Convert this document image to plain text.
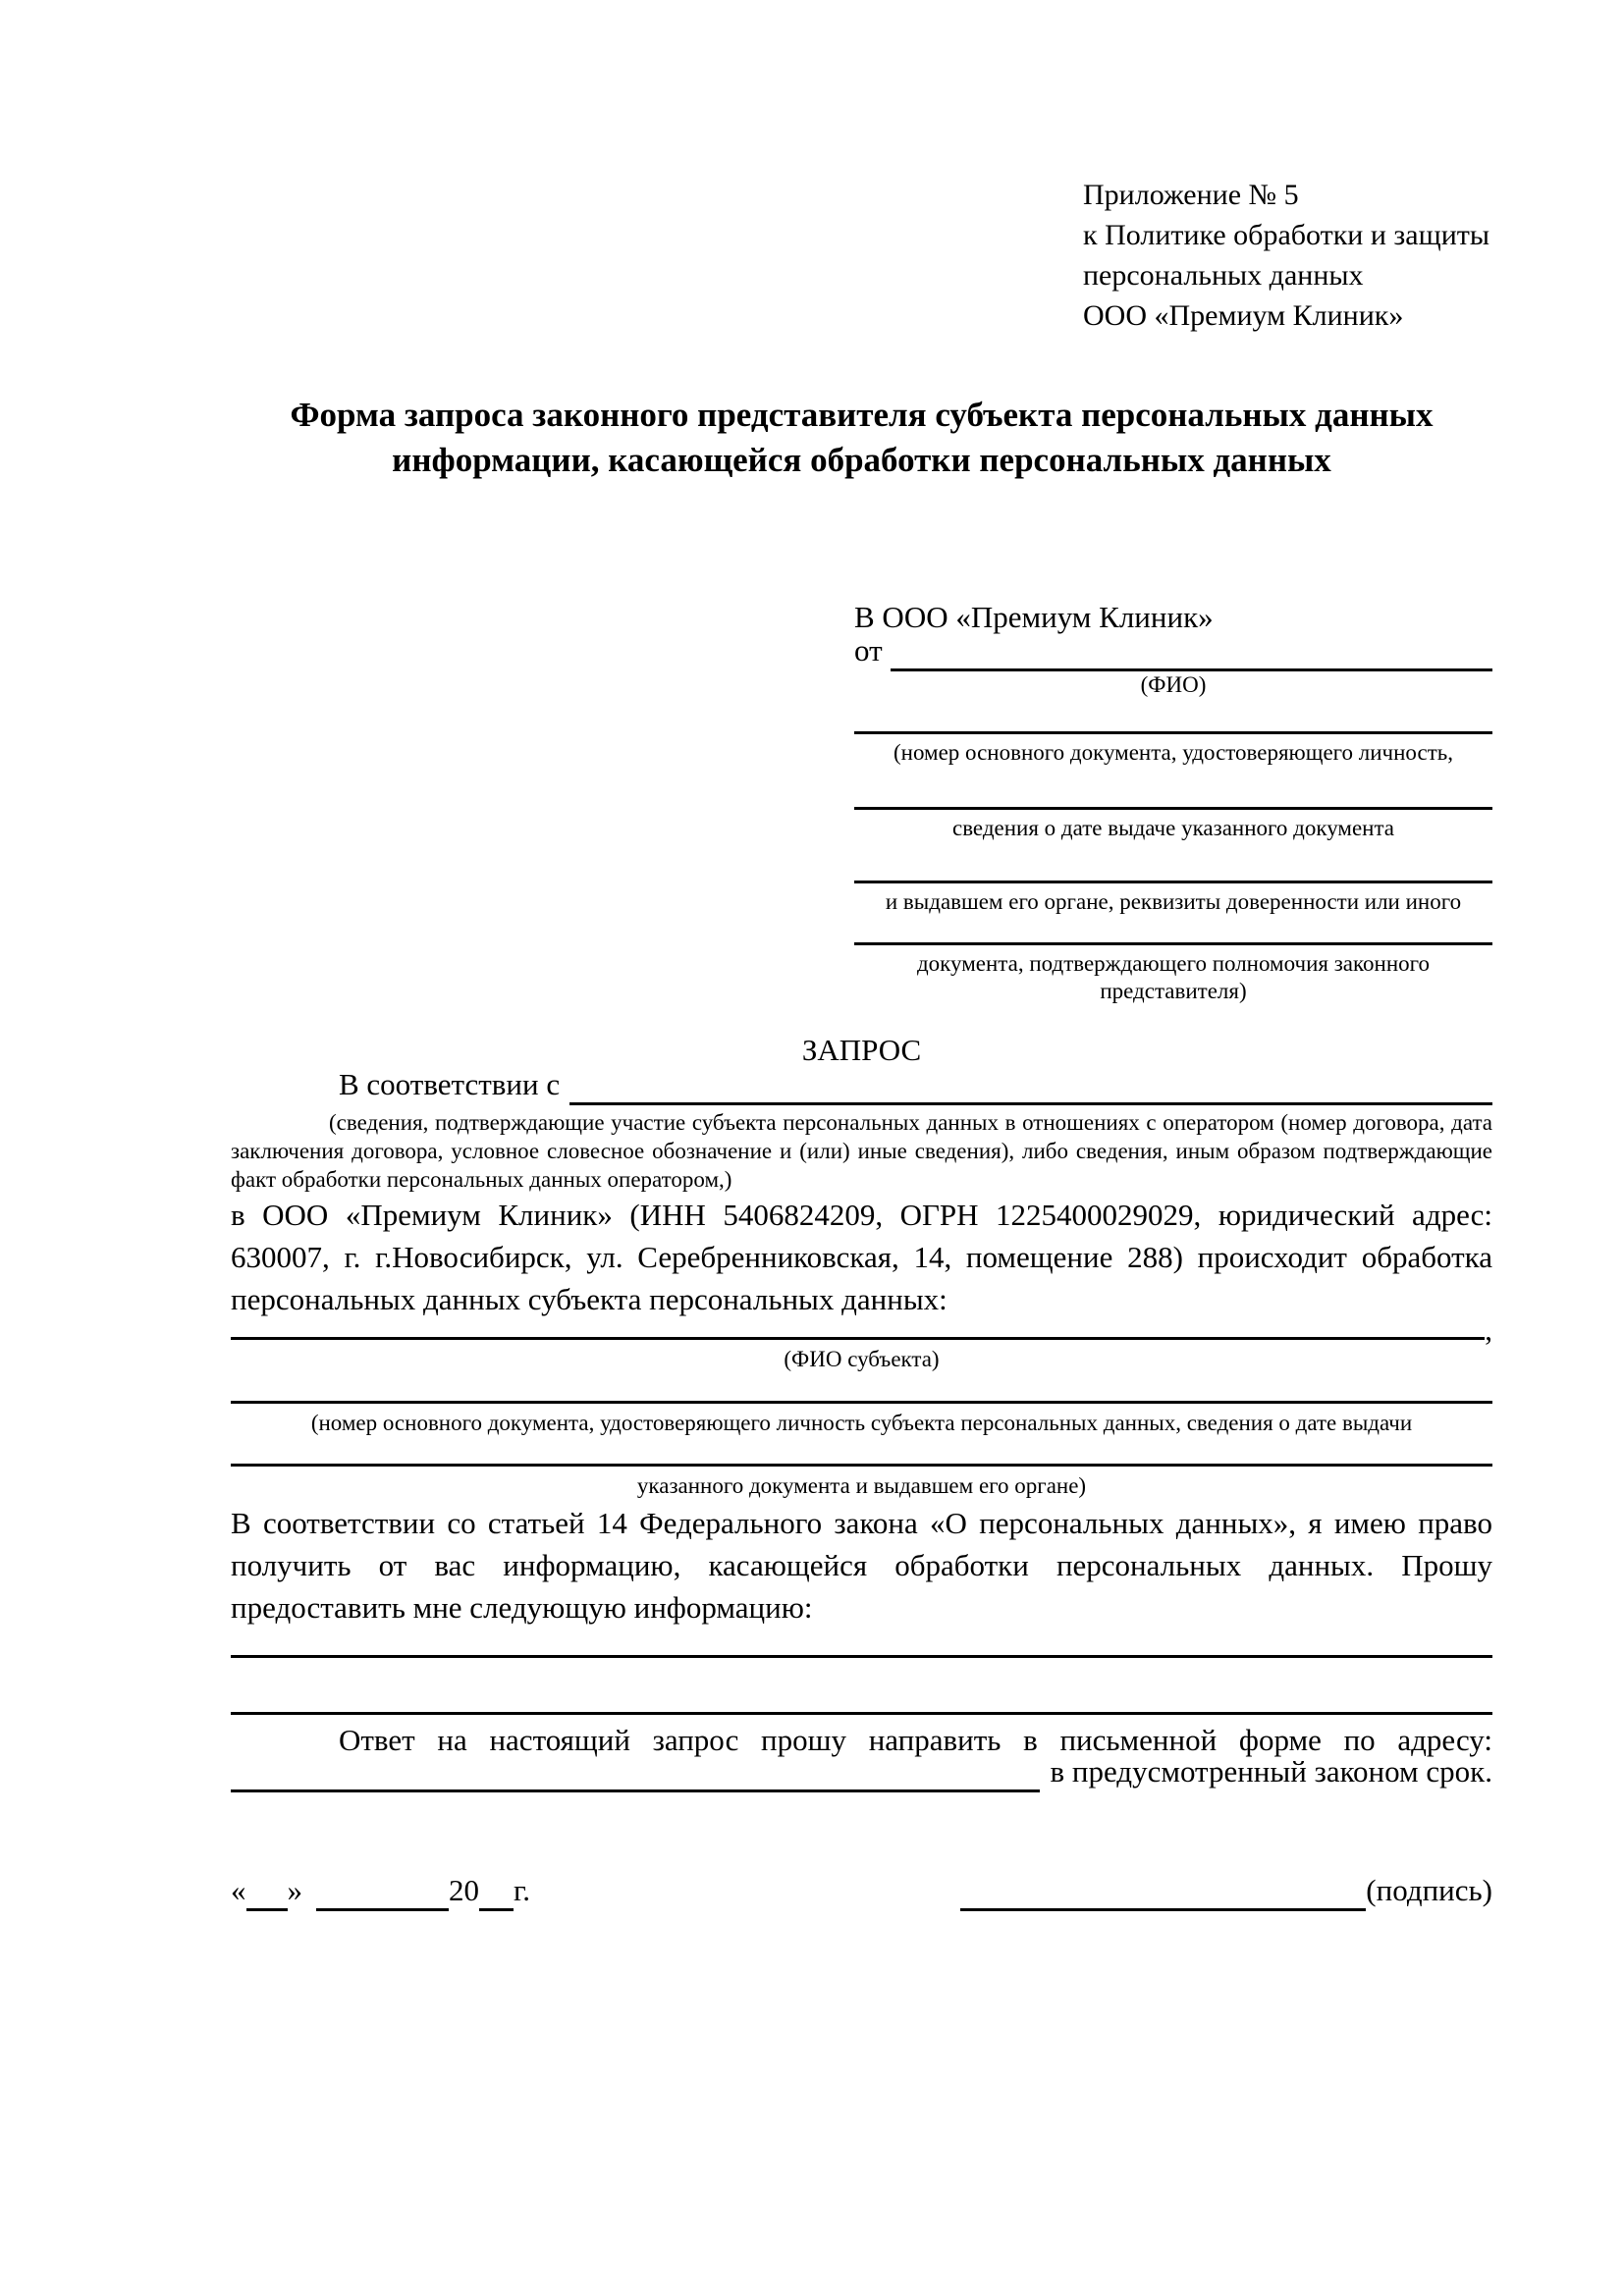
Приложение № 5
к Политике обработки и защиты
персональных данных
ООО «Премиум Клиник»
Форма запроса законного представителя субъекта персональных данных
информации, касающейся обработки персональных данных
В ООО «Премиум Клиник»
от
(ФИО)
(номер основного документа, удостоверяющего личность,
сведения о дате выдаче указанного документа
и выдавшем его органе, реквизиты доверенности или иного
документа, подтверждающего полномочия законного представителя)
ЗАПРОС
В соответствии с
(сведения, подтверждающие участие субъекта персональных данных в отношениях с оператором (номер договора, дата заключения договора, условное словесное обозначение и (или) иные сведения), либо сведения, иным образом подтверждающие факт обработки персональных данных оператором,)

в ООО «Премиум Клиник» (ИНН 5406824209, ОГРН 1225400029029, юридический адрес: 630007, г. г.Новосибирск, ул. Серебренниковская, 14, помещение 288) происходит обработка персональных данных субъекта персональных данных:

,
(ФИО субъекта)
(номер основного документа, удостоверяющего личность субъекта персональных данных, сведения о дате выдачи
указанного документа и выдавшем его органе)

В соответствии со статьей 14 Федерального закона «О персональных данных», я имею право получить от вас информацию, касающейся обработки персональных данных. Прошу предоставить мне следующую информацию:

Ответ на настоящий запрос прошу направить в письменной форме по адресу:

в предусмотренный законом срок.
« »	20 г.	(подпись)
